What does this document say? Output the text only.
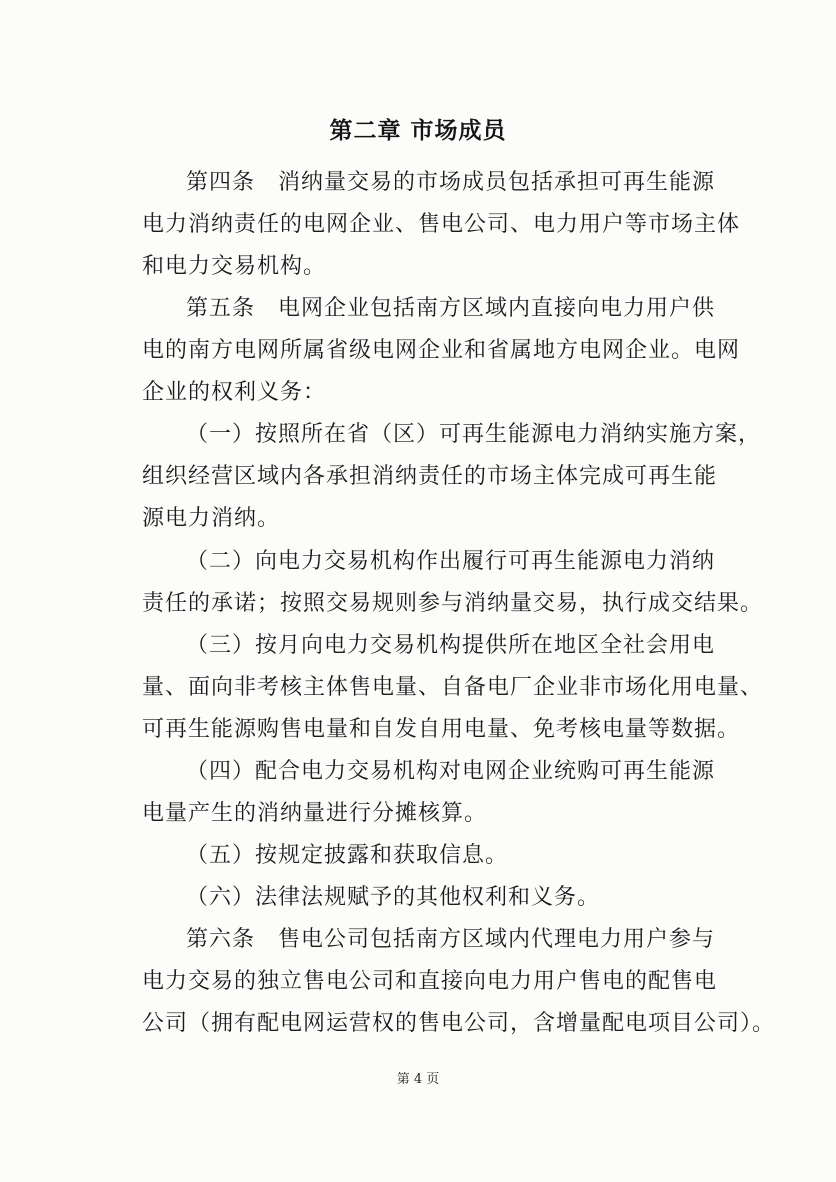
第二章 市场成员
第四条　消纳量交易的市场成员包括承担可再生能源
电力消纳责任的电网企业、售电公司、电力用户等市场主体
和电力交易机构。
第五条　电网企业包括南方区域内直接向电力用户供
电的南方电网所属省级电网企业和省属地方电网企业。电网
企业的权利义务：
（一）按照所在省（区）可再生能源电力消纳实施方案，
组织经营区域内各承担消纳责任的市场主体完成可再生能
源电力消纳。
（二）向电力交易机构作出履行可再生能源电力消纳
责任的承诺；按照交易规则参与消纳量交易，执行成交结果。
（三）按月向电力交易机构提供所在地区全社会用电
量、面向非考核主体售电量、自备电厂企业非市场化用电量、
可再生能源购售电量和自发自用电量、免考核电量等数据。
（四）配合电力交易机构对电网企业统购可再生能源
电量产生的消纳量进行分摊核算。
（五）按规定披露和获取信息。
（六）法律法规赋予的其他权利和义务。
第六条　售电公司包括南方区域内代理电力用户参与
电力交易的独立售电公司和直接向电力用户售电的配售电
公司（拥有配电网运营权的售电公司，含增量配电项目公司）。
第 4 页
